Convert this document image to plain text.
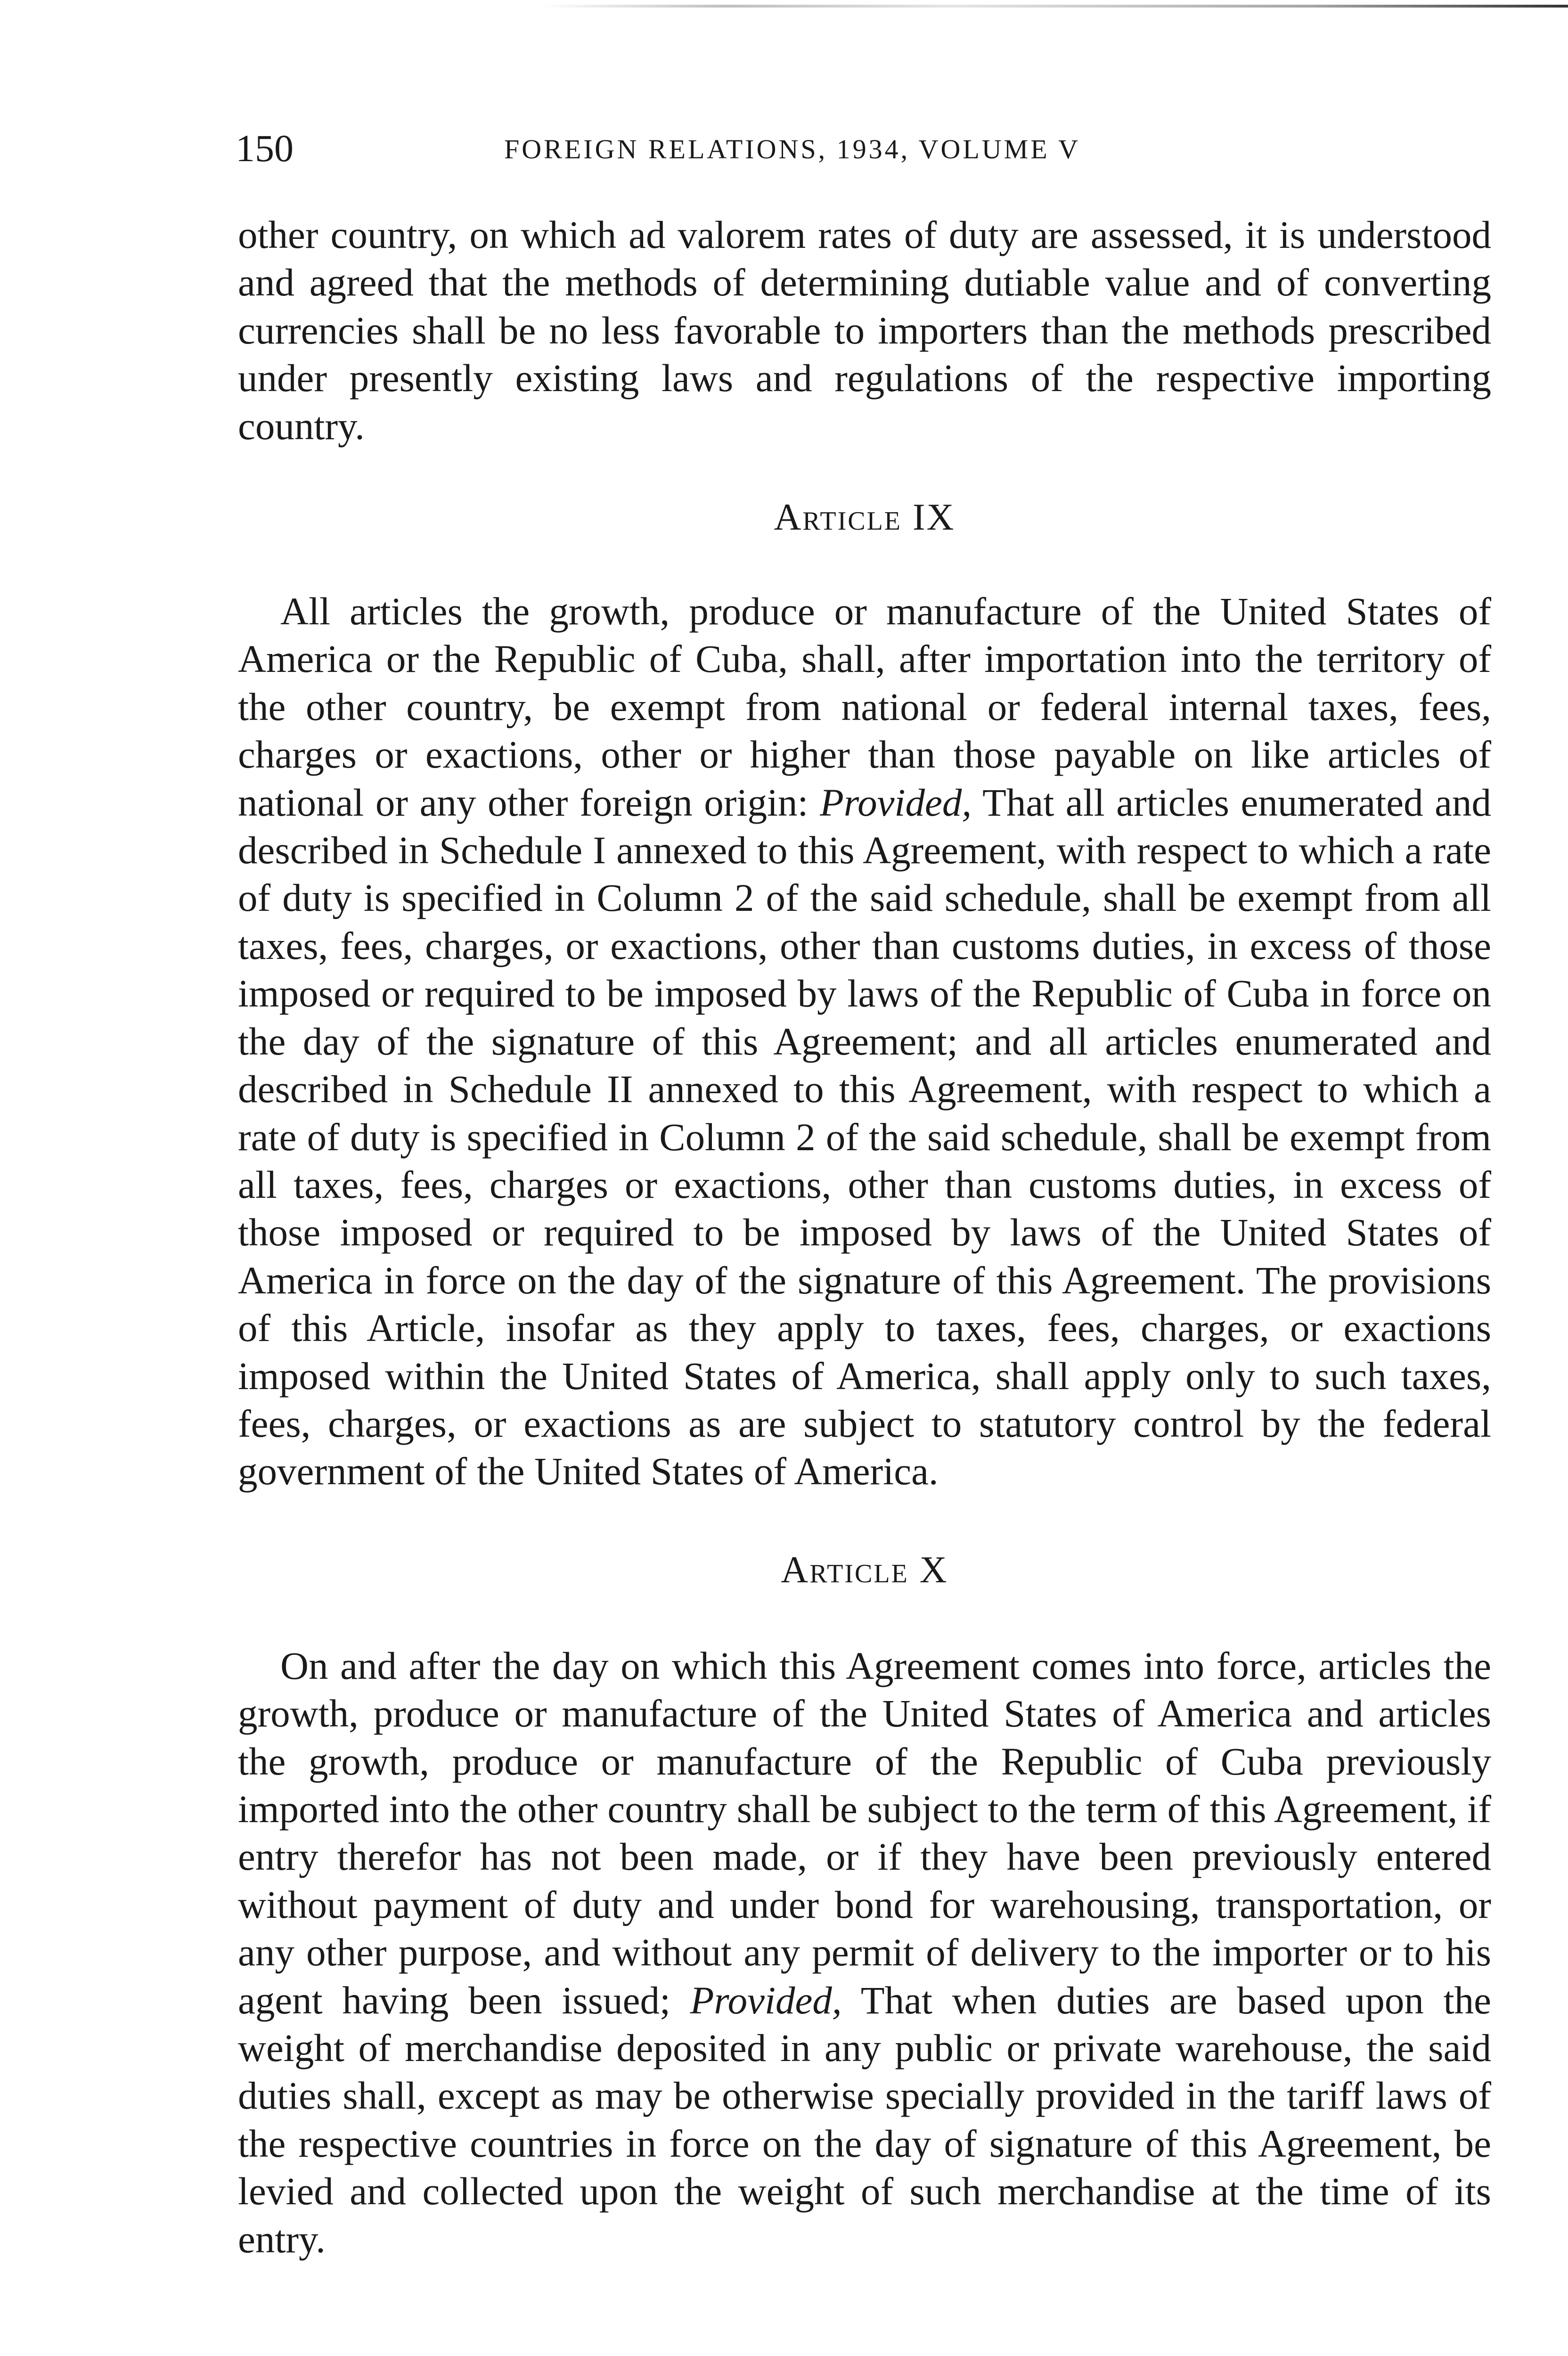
150	FOREIGN RELATIONS, 1934, VOLUME V

other country, on which ad valorem rates of duty are assessed, it is understood and agreed that the methods of determining dutiable value and of converting currencies shall be no less favorable to importers than the methods prescribed under presently existing laws and regulations of the respective importing country.

Article IX

All articles the growth, produce or manufacture of the United States of America or the Republic of Cuba, shall, after importation into the territory of the other country, be exempt from national or federal internal taxes, fees, charges or exactions, other or higher than those payable on like articles of national or any other foreign origin: Provided, That all articles enumerated and described in Schedule I annexed to this Agreement, with respect to which a rate of duty is specified in Column 2 of the said schedule, shall be exempt from all taxes, fees, charges, or exactions, other than customs duties, in excess of those imposed or required to be imposed by laws of the Republic of Cuba in force on the day of the signature of this Agreement; and all articles enumerated and described in Schedule II annexed to this Agreement, with respect to which a rate of duty is specified in Column 2 of the said schedule, shall be exempt from all taxes, fees, charges or exactions, other than customs duties, in excess of those imposed or required to be imposed by laws of the United States of America in force on the day of the signature of this Agreement. The provisions of this Article, insofar as they apply to taxes, fees, charges, or exactions imposed within the United States of America, shall apply only to such taxes, fees, charges, or exactions as are subject to statutory control by the federal government of the United States of America.

Article X

On and after the day on which this Agreement comes into force, articles the growth, produce or manufacture of the United States of America and articles the growth, produce or manufacture of the Republic of Cuba previously imported into the other country shall be subject to the term of this Agreement, if entry therefor has not been made, or if they have been previously entered without payment of duty and under bond for warehousing, transportation, or any other purpose, and without any permit of delivery to the importer or to his agent having been issued; Provided, That when duties are based upon the weight of merchandise deposited in any public or private warehouse, the said duties shall, except as may be otherwise specially provided in the tariff laws of the respective countries in force on the day of signature of this Agreement, be levied and collected upon the weight of such merchandise at the time of its entry.
